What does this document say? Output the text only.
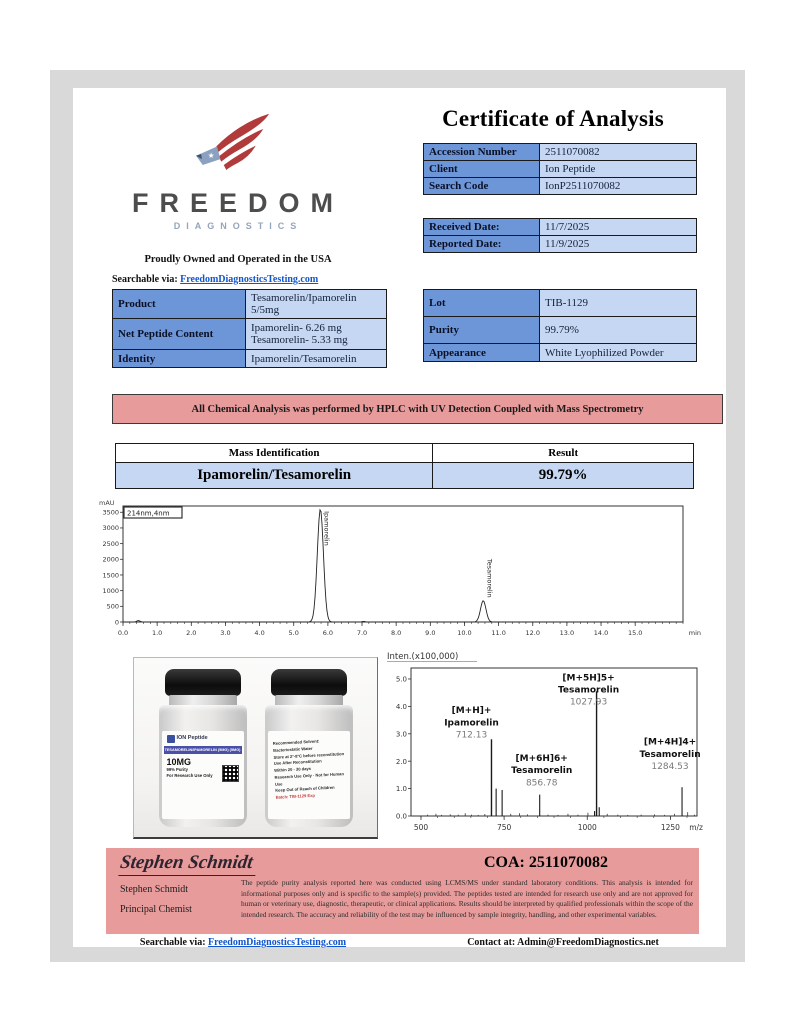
★
FREEDOM
DIAGNOSTICS
Proudly Owned and Operated in the USA
Searchable via: FreedomDiagnosticsTesting.com
Certificate of Analysis
Accession Number	2511070082
Client	Ion Peptide
Search Code	IonP2511070082
Received Date:	11/7/2025
Reported Date:	11/9/2025
Product	Tesamorelin/Ipamorelin
5/5mg
Net Peptide Content	Ipamorelin- 6.26 mg
Tesamorelin- 5.33 mg
Identity	Ipamorelin/Tesamorelin
Lot	TIB-1129
Purity	99.79%
Appearance	White Lyophilized Powder
All Chemical Analysis was performed by HPLC with UV Detection Coupled with Mass Spectrometry
Mass Identification	Result
Ipamorelin/Tesamorelin	99.79%
mAU
0
500
1000
1500
2000
2500
3000
3500
0.0	1.0	2.0	3.0	4.0	5.0	6.0	7.0	8.0	9.0	10.0	11.0	12.0	13.0	14.0	15.0	min
214nm,4nm	Ipamorelin
Tesamorelin
ION Peptide
TESAMORELIN/IPAMORELIN (5MG) (5MG)
10MG
99% Purity
For Research Use Only
Recommended Solvent:
Bacteriostatic Water
Store at 2°-8°C before reconstitution
Use After Reconstitution
Within 20 - 30 days
Research Use Only · Not for Human Use
Keep Out of Reach of Children
Batch: TIB-1129 Exp
Inten.(x100,000)
0.0
1.0
2.0
3.0
4.0
5.0
500	750	1000	1250 m/z
[M+H]+
Ipamorelin
712.13
[M+6H]6+
Tesamorelin
856.78
[M+5H]5+
Tesamorelin
1027.93
[M+4H]4+
Tesamorelin
1284.53
Stephen Schmidt	COA: 2511070082
Stephen Schmidt
Principal Chemist
The peptide purity analysis reported here was conducted using LCMS/MS under standard laboratory conditions. This analysis is intended for informational purposes only and is specific to the sample(s) provided. The peptides tested are intended for research use only and are not approved for human or veterinary use, diagnostic, therapeutic, or clinical applications. Results should be interpreted by qualified professionals within the scope of the intended research. The accuracy and reliability of the test may be influenced by sample integrity, handling, and other experimental variables.
Searchable via: FreedomDiagnosticsTesting.com	Contact at: Admin@FreedomDiagnostics.net
